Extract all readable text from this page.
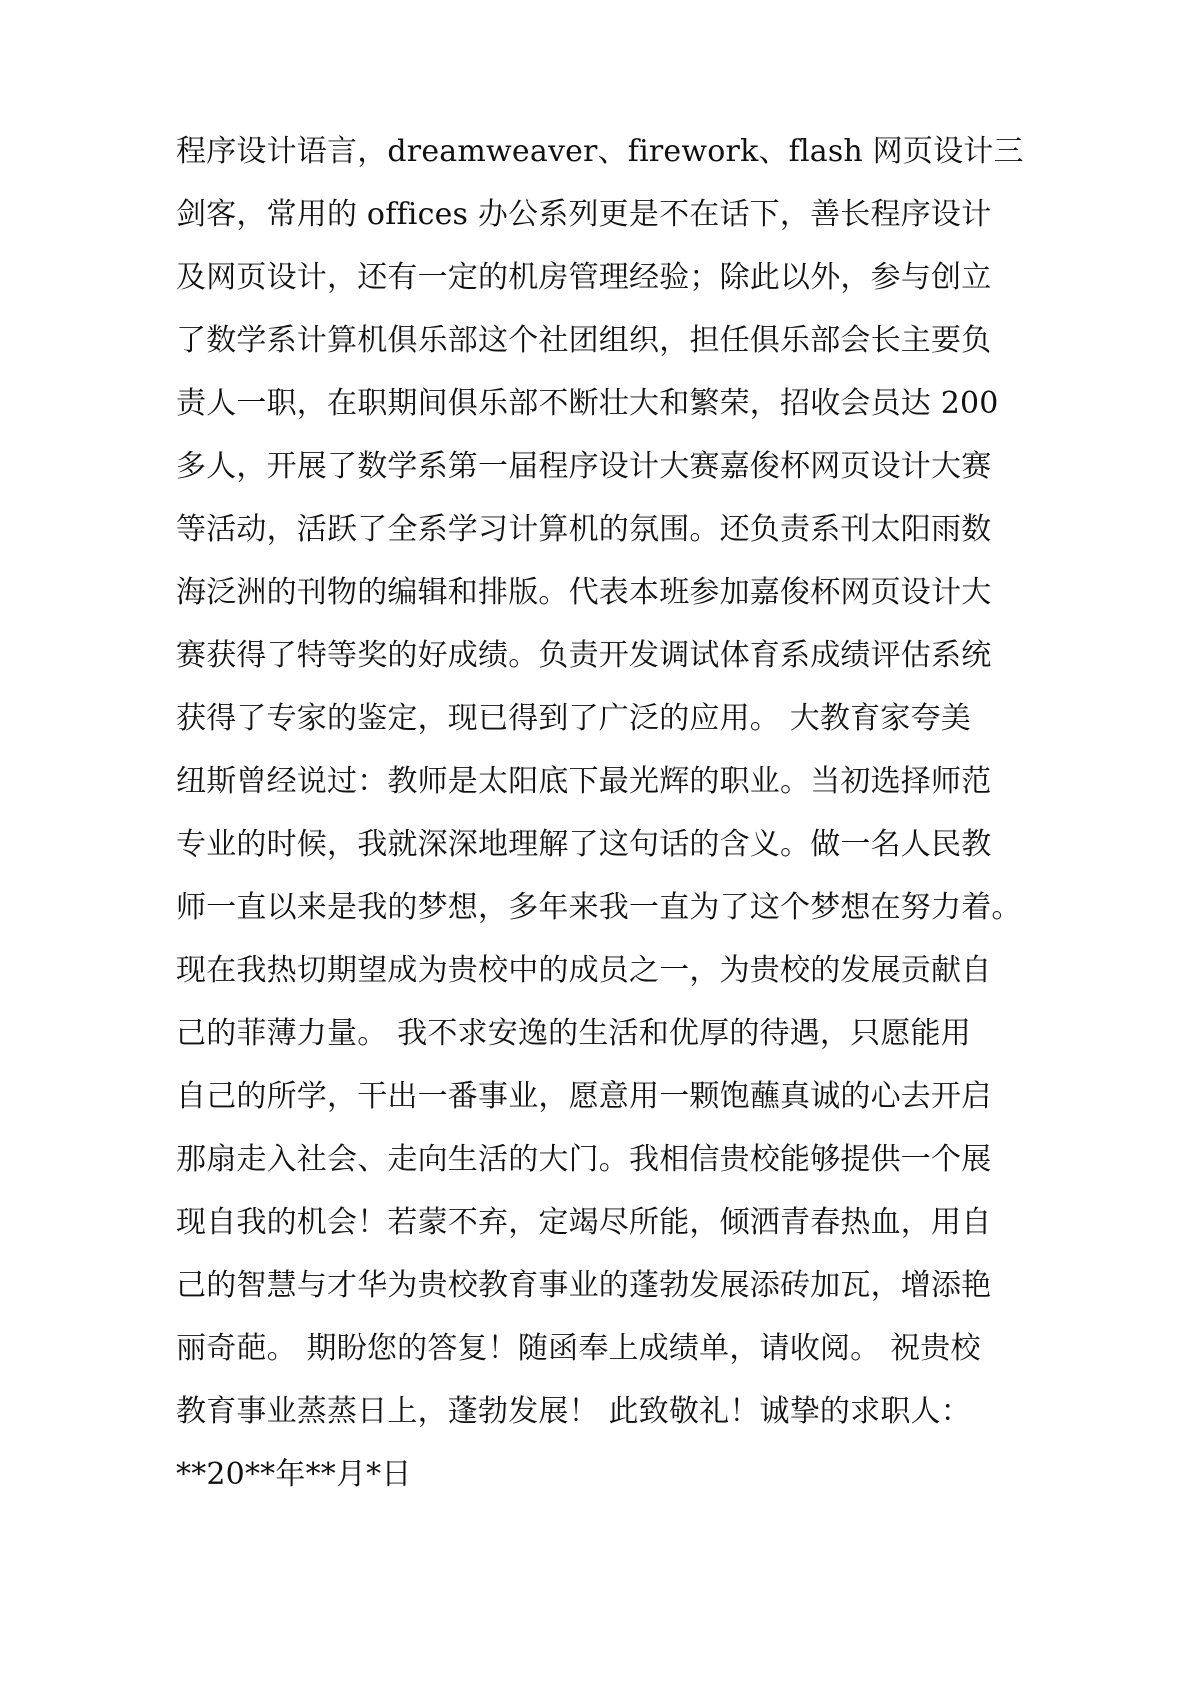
程序设计语言，dreamweaver、firework、flash 网页设计三
剑客，常用的 offices 办公系列更是不在话下，善长程序设计
及网页设计，还有一定的机房管理经验；除此以外，参与创立
了数学系计算机俱乐部这个社团组织，担任俱乐部会长主要负
责人一职，在职期间俱乐部不断壮大和繁荣，招收会员达 200
多人，开展了数学系第一届程序设计大赛嘉俊杯网页设计大赛
等活动，活跃了全系学习计算机的氛围。还负责系刊太阳雨数
海泛洲的刊物的编辑和排版。代表本班参加嘉俊杯网页设计大
赛获得了特等奖的好成绩。负责开发调试体育系成绩评估系统
获得了专家的鉴定，现已得到了广泛的应用。 大教育家夸美
纽斯曾经说过：教师是太阳底下最光辉的职业。当初选择师范
专业的时候，我就深深地理解了这句话的含义。做一名人民教
师一直以来是我的梦想，多年来我一直为了这个梦想在努力着。
现在我热切期望成为贵校中的成员之一，为贵校的发展贡献自
己的菲薄力量。 我不求安逸的生活和优厚的待遇，只愿能用
自己的所学，干出一番事业，愿意用一颗饱蘸真诚的心去开启
那扇走入社会、走向生活的大门。我相信贵校能够提供一个展
现自我的机会！若蒙不弃，定竭尽所能，倾洒青春热血，用自
己的智慧与才华为贵校教育事业的蓬勃发展添砖加瓦，增添艳
丽奇葩。 期盼您的答复！随函奉上成绩单，请收阅。 祝贵校
教育事业蒸蒸日上，蓬勃发展！ 此致敬礼！诚挚的求职人：
**20**年**月*日
